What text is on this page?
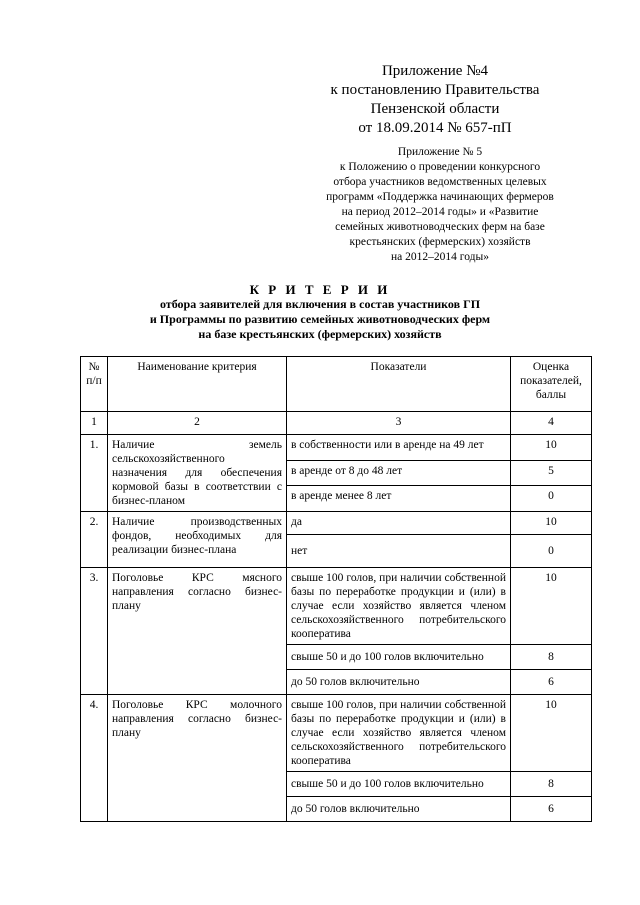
Приложение №4
к постановлению Правительства
Пензенской области
от 18.09.2014 № 657-пП
Приложение № 5
к Положению о проведении конкурсного
отбора участников ведомственных целевых
программ «Поддержка начинающих фермеров
на период 2012–2014 годы» и «Развитие
семейных животноводческих ферм на базе
крестьянских (фермерских) хозяйств
на 2012–2014 годы»
К Р И Т Е Р И И
отбора заявителей для включения в состав участников ГП
и Программы по развитию семейных животноводческих ферм
на базе крестьянских (фермерских) хозяйств
№ п/п	Наименование критерия	Показатели	Оценка показателей, баллы
1	2	3	4
1.	Наличие земель сельскохозяйственного назначения для обеспечения кормовой базы в соответствии с бизнес-планом	в собственности или в аренде на 49 лет	10
		в аренде от 8 до 48 лет	5
		в аренде менее 8 лет	0
2.	Наличие производственных фондов, необходимых для реализации бизнес-плана	да	10
		нет	0
3.	Поголовье КРС мясного направления согласно бизнес-плану	свыше 100 голов, при наличии собственной базы по переработке продукции и (или) в случае если хозяйство является членом сельскохозяйственного потребительского кооператива	10
		свыше 50 и до 100 голов включительно	8
		до 50 голов включительно	6
4.	Поголовье КРС молочного направления согласно бизнес-плану	свыше 100 голов, при наличии собственной базы по переработке продукции и (или) в случае если хозяйство является членом сельскохозяйственного потребительского кооператива	10
		свыше 50 и до 100 голов включительно	8
		до 50 голов включительно	6
